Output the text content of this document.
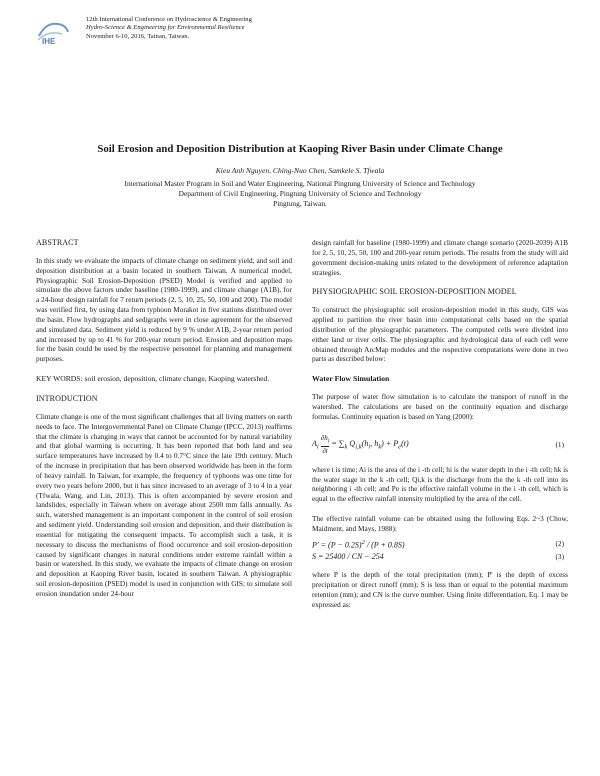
IHE
12th International Conference on Hydroscience & Engineering
Hydro-Science & Engineering for Environmental Resilience
November 6-10, 2016, Tainan, Taiwan.
Soil Erosion and Deposition Distribution at Kaoping River Basin under Climate Change
Kieu Anh Nguyen, Ching-Nuo Chen, Samkele S. Tfwala
International Master Program in Soil and Water Engineering, National Pingtung University of Science and Technology
Department of Civil Engineering, Pingtung University of Science and Technology
Pingtung, Taiwan.
ABSTRACT

In this study we evaluate the impacts of climate change on sediment yield, and soil and deposition distribution at a basin located in southern Taiwan. A numerical model, Physiographic Soil Erosion-Deposition (PSED) Model is verified and applied to simulate the above factors under baseline (1980-1999), and climate change (A1B), for a 24-hour design rainfall for 7 return periods (2, 5, 10, 25, 50, 100 and 200). The model was verified first, by using data from typhoon Morakot in five stations distributed over the basin. Flow hydrographs and sedigraphs were in close agreement for the observed and simulated data. Sediment yield is reduced by 9 % under A1B, 2-year return period and increased by up to 41 % for 200-year return period. Erosion and deposition maps for the basin could be used by the respective personnel for planning and management purposes.

KEY WORDS: soil erosion, deposition, climate change, Kaoping watershed.
INTRODUCTION

Climate change is one of the most significant challenges that all living matters on earth needs to face. The Intergovernmental Panel on Climate Change (IPCC, 2013) reaffirms that the climate is changing in ways that cannot be accounted for by natural variability and that global warming is occurring. It has been reported that both land and sea surface temperatures have increased by 0.4 to 0.7°C since the late 19th century. Much of the increase in precipitation that has been observed worldwide has been in the form of heavy rainfall. In Taiwan, for example, the frequency of typhoons was one time for every two years before 2000, but it has since increased to an average of 3 to 4 in a year (Tfwala, Wang, and Lin, 2013). This is often accompanied by severe erosion and landslides, especially in Taiwan where on average about 2500 mm falls annually. As such, watershed management is an important component in the control of soil erosion and sediment yield. Understanding soil erosion and deposition, and their distribution is essential for mitigating the consequent impacts. To accomplish such a task, it is necessary to discuss the mechanisms of flood occurrence and soil erosion-deposition caused by significant changes in natural conditions under extreme rainfall within a basin or watershed. In this study, we evaluate the impacts of climate change on erosion and deposition at Kaoping River basin, located in southern Taiwan. A physiographic soil erosion-deposition (PSED) model is used in conjunction with GIS; to simulate soil erosion inundation under 24-hour

design rainfall for baseline (1980-1999) and climate change scenario (2020-2039) A1B for 2, 5, 10, 25, 50, 100 and 200-year return periods. The results from the study will aid government decision-making units related to the development of reference adaptation strategies.

PHYSIOGRAPHIC SOIL EROSION-DEPOSITION MODEL

To construct the physiographic soil erosion-deposition model in this study, GIS was applied to partition the river basin into computational cells based on the spatial distribution of the physiographic parameters. The computed cells were divided into either land or river cells. The physiographic and hydrological data of each cell were obtained through ArcMap modules and the respective computations were done in two parts as described below:

Water Flow Simulation

The purpose of water flow simulation is to calculate the transport of runoff in the watershed. The calculations are based on the continuity equation and discharge formulas. Continuity equation is based on Yang (2000):

$A_i \frac{\partial h_i}{\partial t} = \sum_k$ $Q_{i,k}(h_i$, $h_k) + P_e(t)$	(1)

where t is time; Ai is the area of the i -th cell; hi is the water depth in the i -th cell; hk is the water stage in the k -th cell; Qi,k is the discharge from the the k -th cell into its neighboring i -th cell; and Pe is the effective rainfall volume in the i -th cell, which is equal to the effective rainfall intensity multiplied by the area of the cell.

The effective rainfall volume can be obtained using the following Eqs. 2~3 (Chow, Maidment, and Mays, 1988):

$P' = (P - 0.2S)^2 / (P + 0.8S)$	(2)
S = 25400 / CN − 254	(3)

where P is the depth of the total precipitation (mm); P' is the depth of excess precipitation or direct runoff (mm); S is less than or equal to the potential maximum retention (mm); and CN is the curve number. Using finite differentiation, Eq. 1 may be expressed as:
